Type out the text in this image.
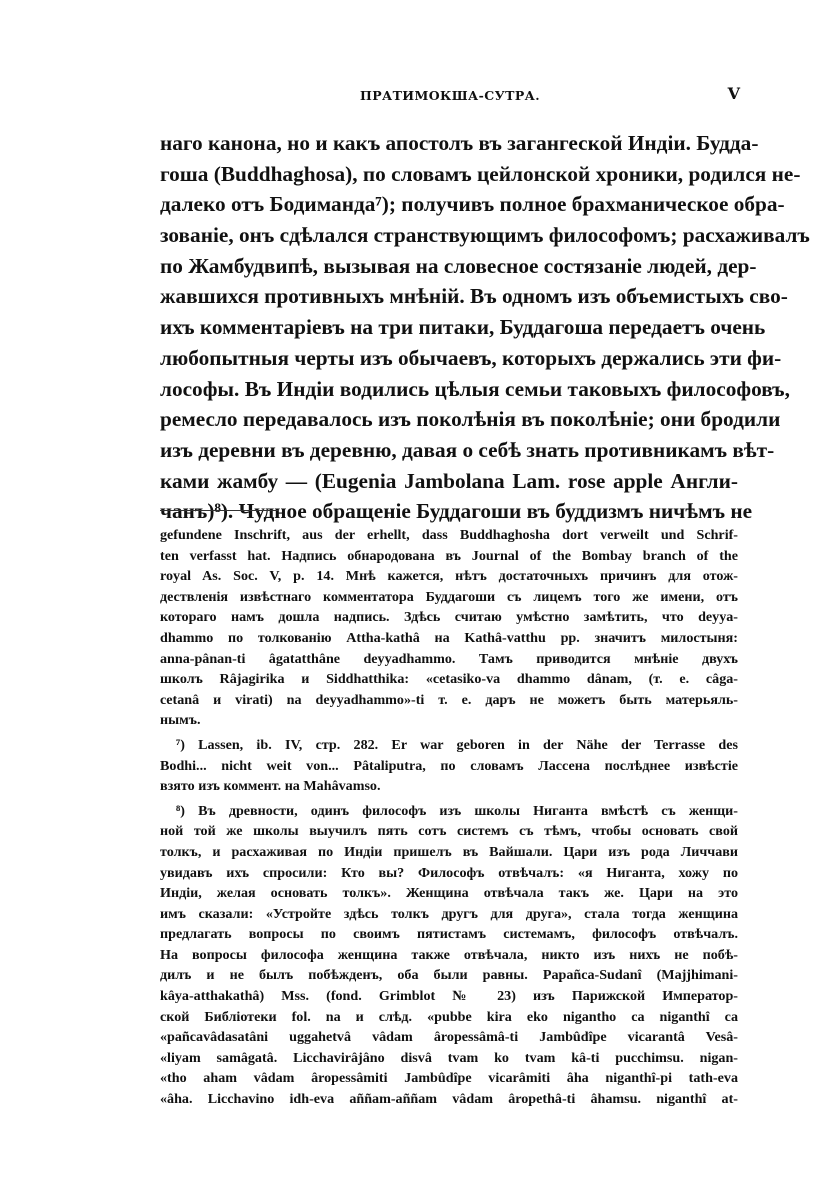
ПРАТИМОКША-СУТРА.	V
наго канона, но и какъ апостолъ въ загангеской Индіи. Будда-
гоша (Buddhaghosa), по словамъ цейлонской хроники, родился не-
далеко отъ Бодиманда⁷); получивъ полное брахманическое обра-
зованіе, онъ сдѣлался странствующимъ философомъ; расхаживалъ
по Жамбудвипѣ, вызывая на словесное состязаніе людей, дер-
жавшихся противныхъ мнѣній. Въ одномъ изъ объемистыхъ сво-
ихъ комментаріевъ на три питаки, Буддагоша передаетъ очень
любопытныя черты изъ обычаевъ, которыхъ держались эти фи-
лософы. Въ Индіи водились цѣлыя семьи таковыхъ философовъ,
ремесло передавалось изъ поколѣнія въ поколѣніе; они бродили
изъ деревни въ деревню, давая о себѣ знать противникамъ вѣт-
ками жамбу — (Eugenia Jambolana Lam. rose apple Англи-
чанъ)⁸). Чудное обращеніе Буддагоши въ буддизмъ ничѣмъ не
gefundene Inschrift, aus der erhellt, dass Buddhaghosha dort verweilt und Schrif-
ten verfasst hat. Надпись обнародована въ Journal of the Bombay branch of the
royal As. Soc. V, p. 14. Мнѣ кажется, нѣтъ достаточныхъ причинъ для отож-
дествленія извѣстнаго комментатора Буддагоши съ лицемъ того же имени, отъ
котораго намъ дошла надпись. Здѣсь считаю умѣстно замѣтить, что deyya-
dhammo по толкованію Attha-kathâ на Kathâ-vatthu pp. значитъ милостыня:
anna-pânan-ti âgatatthâne deyyadhammo. Тамъ приводится мнѣніе двухъ
школъ Râjagirika и Siddhatthika: «cetasiko-va dhammo dânam, (т. е. câga-
cetanâ и virati) na deyyadhammo»-ti т. е. даръ не можетъ быть матерьяль-
нымъ.
⁷) Lassen, ib. IV, стр. 282. Er war geboren in der Nähe der Terrasse des
Bodhi... nicht weit von... Pâtaliputra, по словамъ Лассена послѣднее извѣстіе
взято изъ коммент. на Mahâvamso.
⁸) Въ древности, одинъ философъ изъ школы Ниганта вмѣстѣ съ женщи-
ной той же школы выучилъ пять сотъ системъ съ тѣмъ, чтобы основать свой
толкъ, и расхаживая по Индіи пришелъ въ Вайшали. Цари изъ рода Личчави
увидавъ ихъ спросили: Кто вы? Философъ отвѣчалъ: «я Ниганта, хожу по
Индіи, желая основать толкъ». Женщина отвѣчала такъ же. Цари на это
имъ сказали: «Устройте здѣсь толкъ другъ для друга», стала тогда женщина
предлагать вопросы по своимъ пятистамъ системамъ, философъ отвѣчалъ.
На вопросы философа женщина также отвѣчала, никто изъ нихъ не побѣ-
дилъ и не былъ побѣжденъ, оба были равны. Papañca-Sudanî (Majjhimani-
kâya-atthakathâ) Mss. (fond. Grimblot № 23) изъ Парижской Император-
ской Библіотеки fol. na и слѣд. «pubbe kira eko nigantho ca niganthî ca
«pañcavâdasatâni uggahetvâ vâdam âropessâmâ-ti Jambûdîpe vicarantâ Vesâ-
«liyam samâgatâ. Licchavirâjâno disvâ tvam ko tvam kâ-ti pucchimsu. nigan-
«tho aham vâdam âropessâmiti Jambûdîpe vicarâmiti âha niganthî-pi tath-eva
«âha. Licchavino idh-eva aññam-aññam vâdam âropethâ-ti âhamsu. niganthî at-
